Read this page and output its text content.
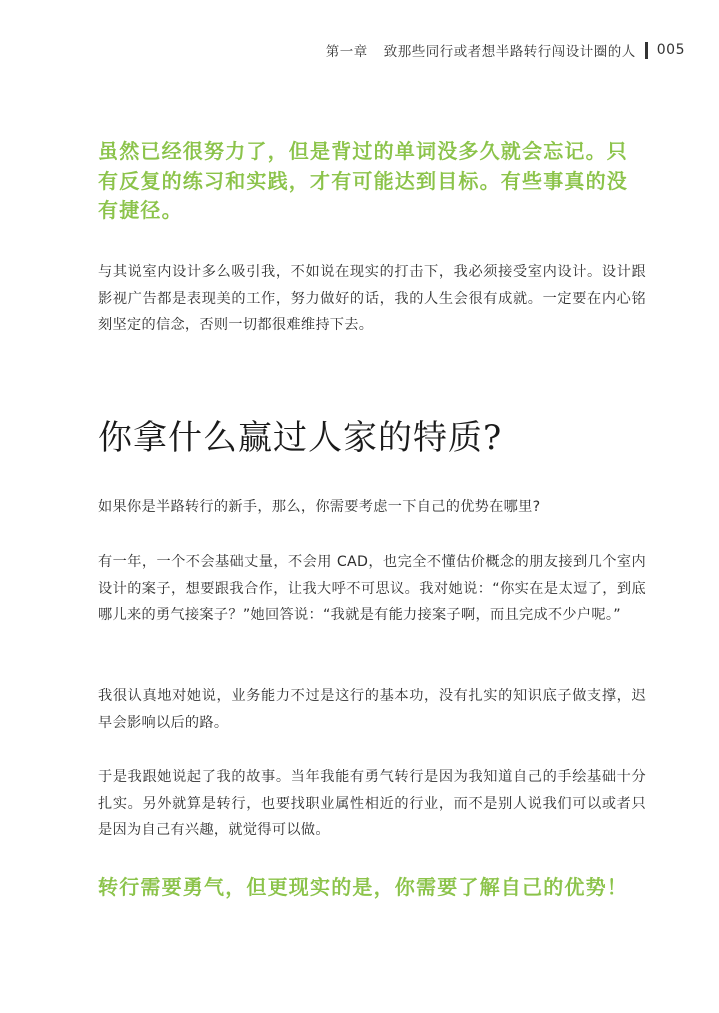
第一章 致那些同行或者想半路转行闯设计圈的人 005
虽然已经很努力了，但是背过的单词没多久就会忘记。只有反复的练习和实践，才有可能达到目标。有些事真的没有捷径。
与其说室内设计多么吸引我，不如说在现实的打击下，我必须接受室内设计。设计跟影视广告都是表现美的工作，努力做好的话，我的人生会很有成就。一定要在内心铭刻坚定的信念，否则一切都很难维持下去。
你拿什么赢过人家的特质?
如果你是半路转行的新手，那么，你需要考虑一下自己的优势在哪里?
有一年，一个不会基础丈量，不会用 CAD，也完全不懂估价概念的朋友接到几个室内设计的案子，想要跟我合作，让我大呼不可思议。我对她说：“你实在是太逗了，到底哪儿来的勇气接案子？”她回答说：“我就是有能力接案子啊，而且完成不少户呢。”
我很认真地对她说，业务能力不过是这行的基本功，没有扎实的知识底子做支撑，迟早会影响以后的路。
于是我跟她说起了我的故事。当年我能有勇气转行是因为我知道自己的手绘基础十分扎实。另外就算是转行，也要找职业属性相近的行业，而不是别人说我们可以或者只是因为自己有兴趣，就觉得可以做。
转行需要勇气，但更现实的是，你需要了解自己的优势！
